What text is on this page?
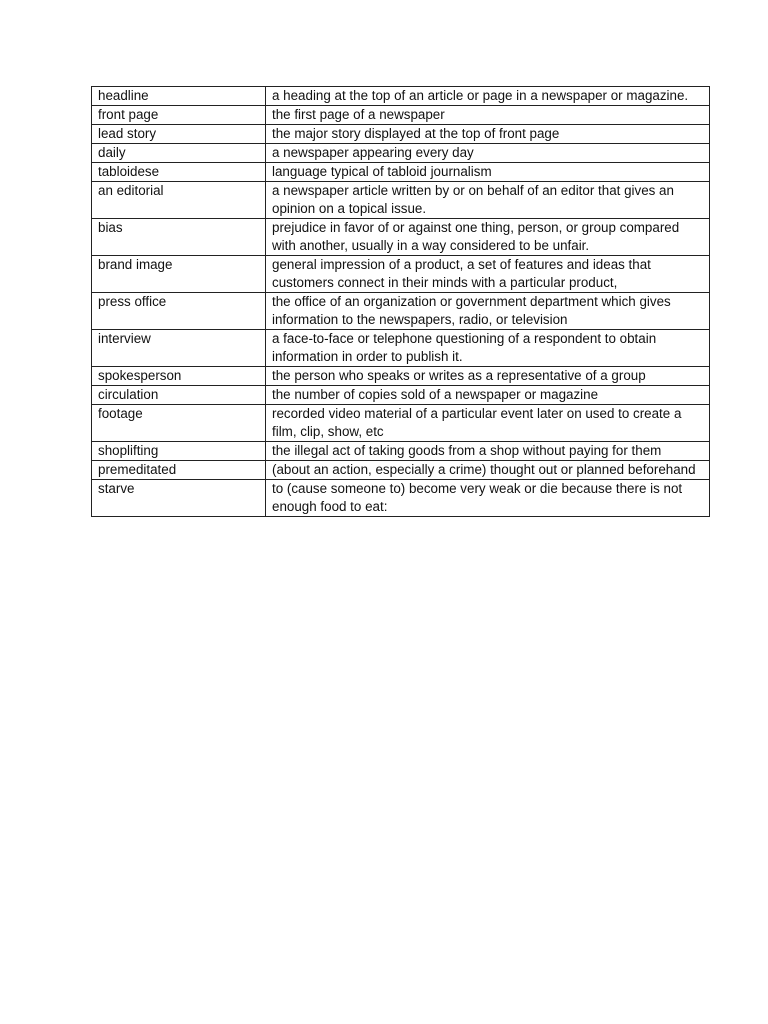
headline	a heading at the top of an article or page in a newspaper or magazine.
front page	the first page of a newspaper
lead story	the major story displayed at the top of front page
daily	a newspaper appearing every day
tabloidese	language typical of tabloid journalism
an editorial	a newspaper article written by or on behalf of an editor that gives an opinion on a topical issue.
bias	prejudice in favor of or against one thing, person, or group compared with another, usually in a way considered to be unfair.
brand image	general impression of a product, a set of features and ideas that customers connect in their minds with a particular product,
press office	the office of an organization or government department which gives information to the newspapers, radio, or television
interview	a face-to-face or telephone questioning of a respondent to obtain information in order to publish it.
spokesperson	the person who speaks or writes as a representative of a group
circulation	the number of copies sold of a newspaper or magazine
footage	recorded video material of a particular event later on used to create a film, clip, show, etc
shoplifting	the illegal act of taking goods from a shop without paying for them
premeditated	(about an action, especially a crime) thought out or planned beforehand
starve	to (cause someone to) become very weak or die because there is not enough food to eat:
